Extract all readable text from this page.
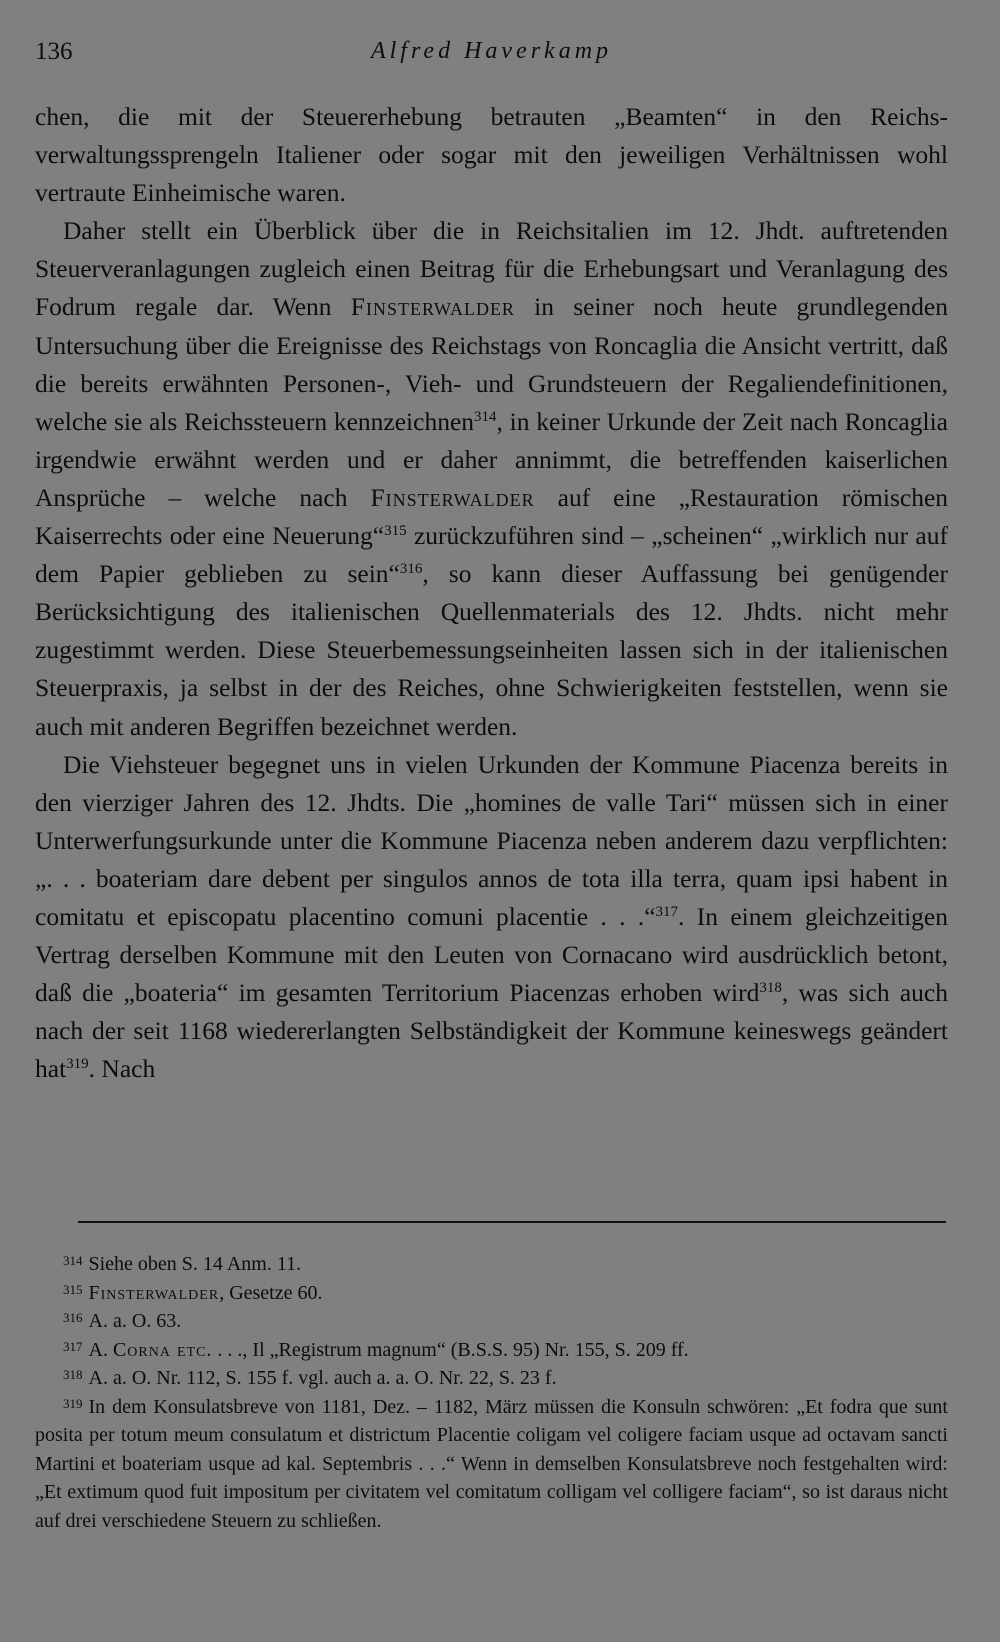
136	Alfred Haverkamp

chen, die mit der Steuererhebung betrauten „Beamten“ in den Reichsverwaltungssprengeln Italiener oder sogar mit den jeweiligen Verhältnissen wohl vertraute Einheimische waren.

Daher stellt ein Überblick über die in Reichsitalien im 12. Jhdt. auftretenden Steuerveranlagungen zugleich einen Beitrag für die Erhebungsart und Veranlagung des Fodrum regale dar. Wenn Finsterwalder in seiner noch heute grundlegenden Untersuchung über die Ereignisse des Reichstags von Roncaglia die Ansicht vertritt, daß die bereits erwähnten Personen-, Vieh- und Grundsteuern der Regaliendefinitionen, welche sie als Reichssteuern kennzeichnen$^{314}$, in keiner Urkunde der Zeit nach Roncaglia irgendwie erwähnt werden und er daher annimmt, die betreffenden kaiserlichen Ansprüche – welche nach Finsterwalder auf eine „Restauration römischen Kaiserrechts oder eine Neuerung“$^{315}$ zurückzuführen sind – „scheinen“ „wirklich nur auf dem Papier geblieben zu sein“$^{316}$, so kann dieser Auffassung bei genügender Berücksichtigung des italienischen Quellenmaterials des 12. Jhdts. nicht mehr zugestimmt werden. Diese Steuerbemessungseinheiten lassen sich in der italienischen Steuerpraxis, ja selbst in der des Reiches, ohne Schwierigkeiten feststellen, wenn sie auch mit anderen Begriffen bezeichnet werden.

Die Viehsteuer begegnet uns in vielen Urkunden der Kommune Piacenza bereits in den vierziger Jahren des 12. Jhdts. Die „homines de valle Tari“ müssen sich in einer Unterwerfungsurkunde unter die Kommune Piacenza neben anderem dazu verpflichten: „. . . boateriam dare debent per singulos annos de tota illa terra, quam ipsi habent in comitatu et episcopatu placentino comuni placentie . . .“$^{317}$. In einem gleichzeitigen Vertrag derselben Kommune mit den Leuten von Cornacano wird ausdrücklich betont, daß die „boateria“ im gesamten Territorium Piacenzas erhoben wird$^{318}$, was sich auch nach der seit 1168 wiedererlangten Selbständigkeit der Kommune keineswegs geändert hat$^{319}$. Nach

$^{314}$ Siehe oben S. 14 Anm. 11.

$^{315}$ Finsterwalder, Gesetze 60.

$^{316}$ A. a. O. 63.

$^{317}$ A. Corna etc. . . ., Il „Registrum magnum“ (B.S.S. 95) Nr. 155, S. 209 ff.

$^{318}$ A. a. O. Nr. 112, S. 155 f. vgl. auch a. a. O. Nr. 22, S. 23 f.

$^{319}$ In dem Konsulatsbreve von 1181, Dez. – 1182, März müssen die Konsuln schwören: „Et fodra que sunt posita per totum meum consulatum et districtum Placentie coligam vel coligere faciam usque ad octavam sancti Martini et boateriam usque ad kal. Septembris . . .“ Wenn in demselben Konsulatsbreve noch festgehalten wird: „Et extimum quod fuit impositum per civitatem vel comitatum colligam vel colligere faciam“, so ist daraus nicht auf drei verschiedene Steuern zu schließen.
